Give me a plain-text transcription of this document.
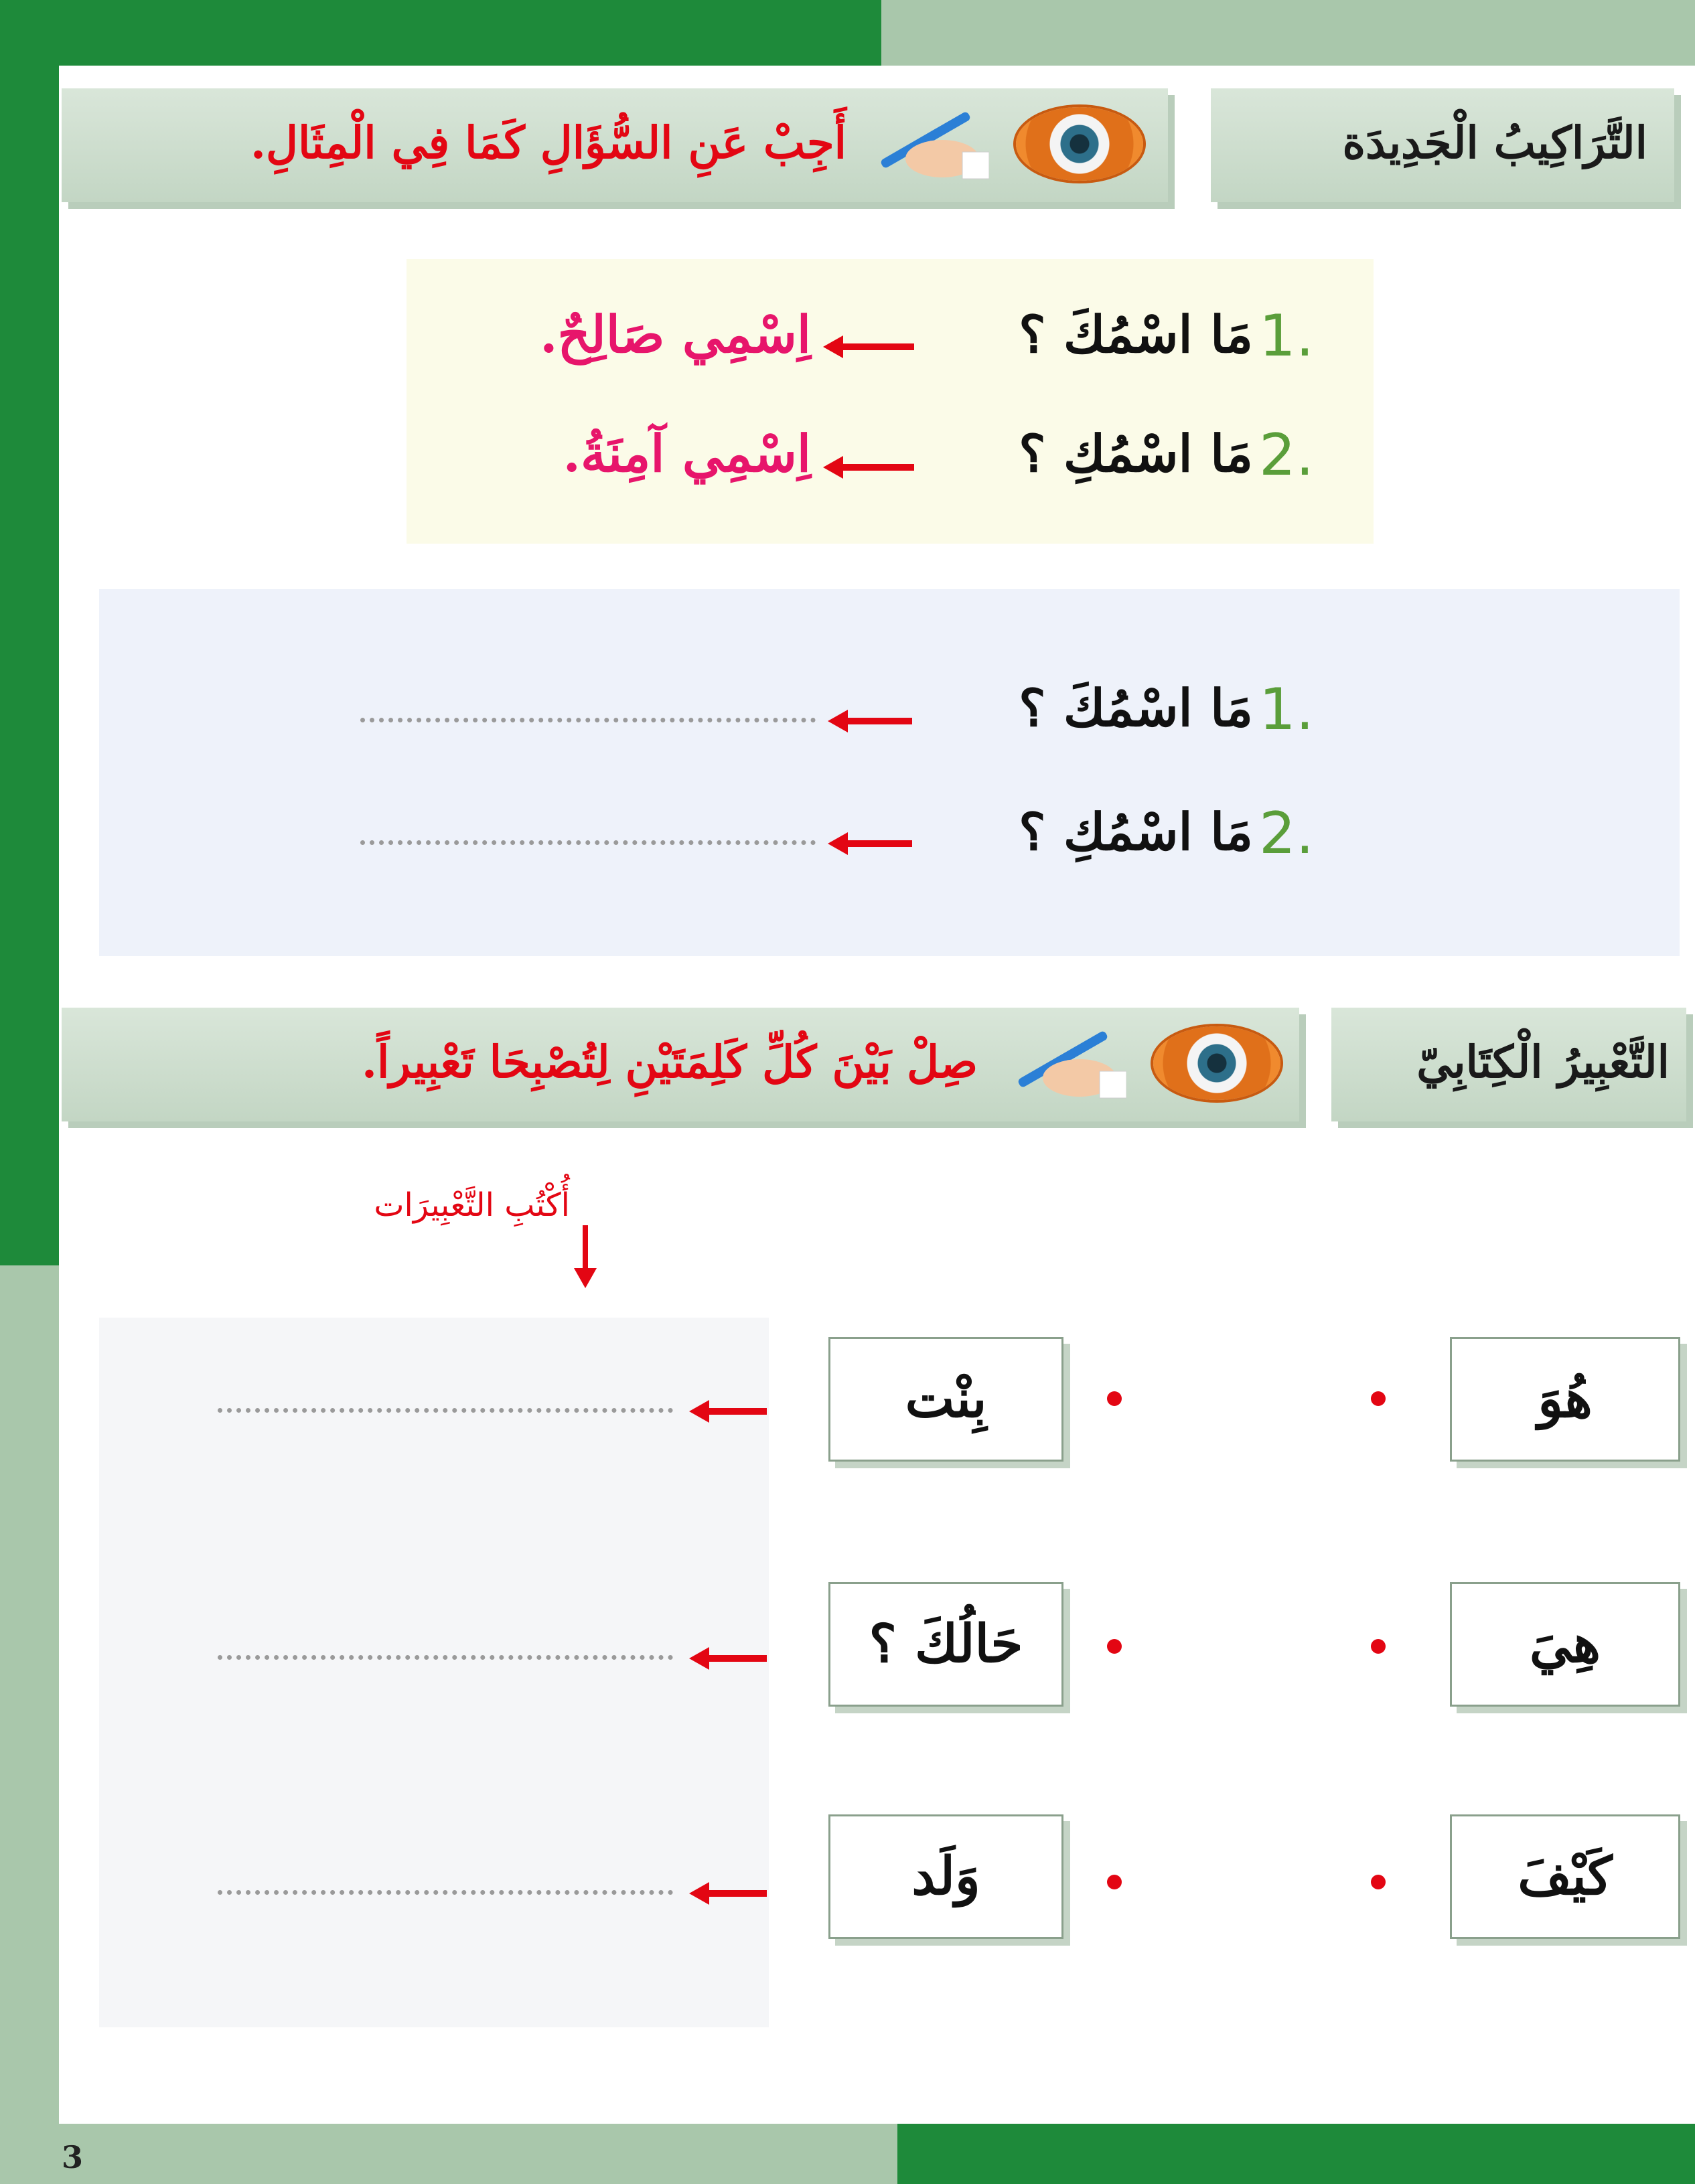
3
التَّرَاكِيبُ الْجَدِيدَة
أَجِبْ عَنِ السُّؤَالِ كَمَا فِي الْمِثَالِ.
1.
مَا اسْمُكَ ؟
اِسْمِي صَالِحٌ.
2.
مَا اسْمُكِ ؟
اِسْمِي آمِنَةُ.
1.
مَا اسْمُكَ ؟
2.
مَا اسْمُكِ ؟
التَّعْبِيرُ الْكِتَابِيّ
صِلْ بَيْنَ كُلِّ كَلِمَتَيْنِ لِتُصْبِحَا تَعْبِيراً.
أُكْتُبِ التَّعْبِيرَات
هُوَ
بِنْت
هِيَ
حَالُكَ ؟
كَيْفَ
وَلَد
